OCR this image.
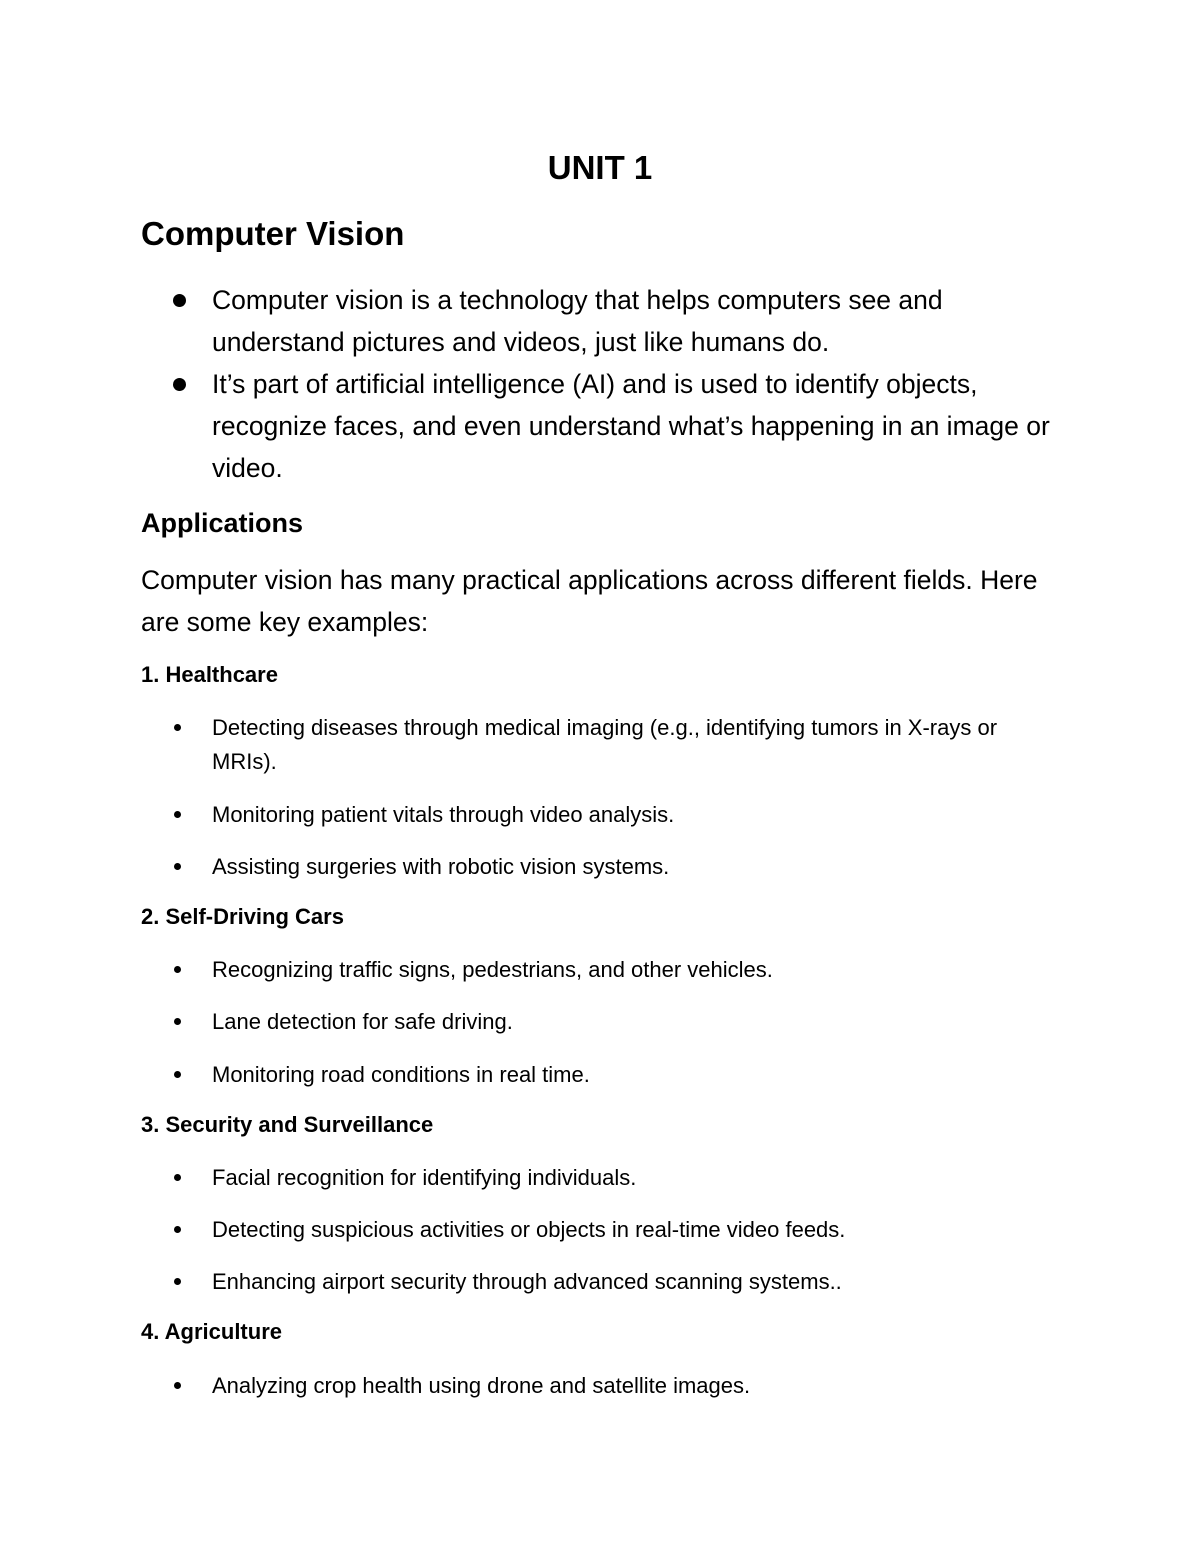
UNIT 1
Computer Vision
Computer vision is a technology that helps computers see and understand pictures and videos, just like humans do.
It’s part of artificial intelligence (AI) and is used to identify objects, recognize faces, and even understand what’s happening in an image or video.
Applications

Computer vision has many practical applications across different fields. Here are some key examples:

1. Healthcare
Detecting diseases through medical imaging (e.g., identifying tumors in X-rays or MRIs).
Monitoring patient vitals through video analysis.
Assisting surgeries with robotic vision systems.
2. Self-Driving Cars
Recognizing traffic signs, pedestrians, and other vehicles.
Lane detection for safe driving.
Monitoring road conditions in real time.
3. Security and Surveillance
Facial recognition for identifying individuals.
Detecting suspicious activities or objects in real-time video feeds.
Enhancing airport security through advanced scanning systems..
4. Agriculture
Analyzing crop health using drone and satellite images.
